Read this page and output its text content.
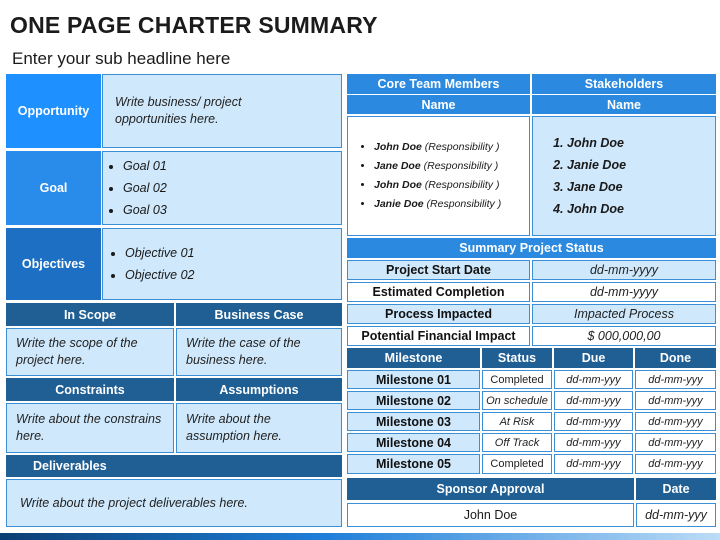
ONE PAGE CHARTER SUMMARY
Enter your sub headline here
Opportunity
Write business/ project opportunities here.
Goal
• Goal 01
• Goal 02
• Goal 03
Objectives
• Objective 01
• Objective 02
In Scope	Business Case
Write the scope of the project here.
Write the case of the business here.
Constraints	Assumptions
Write about the constrains here.
Write about the assumption here.
Deliverables
Write about the project deliverables here.
Core Team Members	Stakeholders
Name	Name
• John Doe (Responsibility )
• Jane Doe (Responsibility )
• John Doe (Responsibility )
• Janie Doe (Responsibility )
1. John Doe
2. Janie Doe
3. Jane Doe
4. John Doe
Summary Project Status
Project Start Date	dd-mm-yyyy
Estimated Completion	dd-mm-yyyy
Process Impacted	Impacted Process
Potential Financial Impact	$ 000,000,00
Milestone	Status	Due	Done
Milestone 01	Completed	dd-mm-yyy	dd-mm-yyy
Milestone 02	On schedule	dd-mm-yyy	dd-mm-yyy
Milestone 03	At Risk	dd-mm-yyy	dd-mm-yyy
Milestone 04	Off Track	dd-mm-yyy	dd-mm-yyy
Milestone 05	Completed	dd-mm-yyy	dd-mm-yyy
Sponsor Approval	Date
John Doe	dd-mm-yyy
